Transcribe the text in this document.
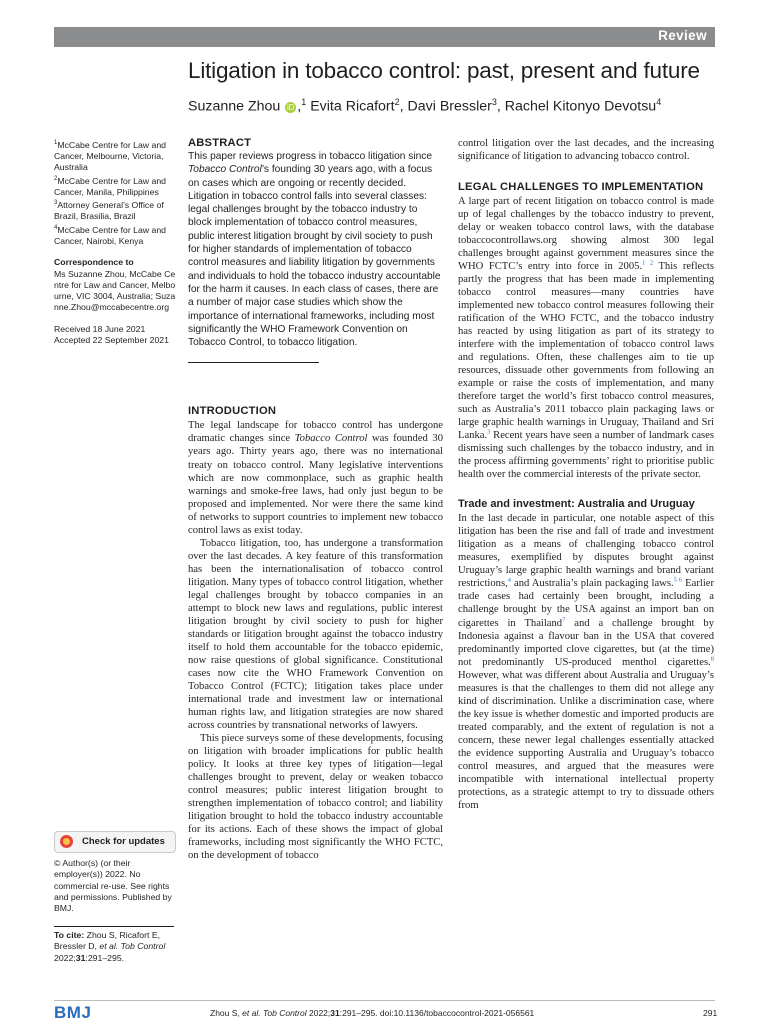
Review
Litigation in tobacco control: past, present and future
Suzanne Zhou iD ,$^1$ Evita Ricafort$^2$, Davi Bressler$^3$, Rachel Kitonyo Devotsu$^4$

$^1$McCabe Centre for Law and Cancer, Melbourne, Victoria, Australia

$^2$McCabe Centre for Law and Cancer, Manila, Philippines

$^3$Attorney General’s Office of Brazil, Brasilia, Brazil

$^4$McCabe Centre for Law and Cancer, Nairobi, Kenya

Correspondence to

Ms Suzanne Zhou, McCabe Centre for Law and Cancer, Melbourne, VIC 3004, Australia; Suzanne.Zhou@mccabecentre.org

Received 18 June 2021

Accepted 22 September 2021

Check for updates
© Author(s) (or their employer(s)) 2022. No commercial re-use. See rights and permissions. Published by BMJ.
To cite: Zhou S, Ricafort E, Bressler D, et al. Tob Control 2022;31:291–295.

ABSTRACT

This paper reviews progress in tobacco litigation since Tobacco Control’s founding 30 years ago, with a focus on cases which are ongoing or recently decided. Litigation in tobacco control falls into several classes: legal challenges brought by the tobacco industry to block implementation of tobacco control measures, public interest litigation brought by civil society to push for higher standards of implementation of tobacco control measures and liability litigation by governments and individuals to hold the tobacco industry accountable for the harm it causes. In each class of cases, there are a number of major case studies which show the importance of international frameworks, including most significantly the WHO Framework Convention on Tobacco Control, to tobacco litigation.

INTRODUCTION

The legal landscape for tobacco control has undergone dramatic changes since Tobacco Control was founded 30 years ago. Thirty years ago, there was no international treaty on tobacco control. Many legislative interventions which are now commonplace, such as graphic health warnings and smoke-free laws, had only just begun to be proposed and implemented. Nor were there the same kind of networks to support countries to implement new tobacco control laws as exist today.

Tobacco litigation, too, has undergone a transformation over the last decades. A key feature of this transformation has been the internationalisation of tobacco control litigation. Many types of tobacco control litigation, whether legal challenges brought by tobacco companies in an attempt to block new laws and regulations, public interest litigation brought by civil society to push for higher standards or litigation brought against the tobacco industry itself to hold them accountable for the tobacco epidemic, now raise questions of global significance. Constitutional cases now cite the WHO Framework Convention on Tobacco Control (FCTC); litigation takes place under international trade and investment law or international human rights law, and litigation strategies are now shared across countries by transnational networks of lawyers.

This piece surveys some of these developments, focusing on litigation with broader implications for public health policy. It looks at three key types of litigation—legal challenges brought to prevent, delay or weaken tobacco control measures; public interest litigation brought to strengthen implementation of tobacco control; and liability litigation brought to hold the tobacco industry accountable for its actions. Each of these shows the impact of global frameworks, including most significantly the WHO FCTC, on the development of tobacco

control litigation over the last decades, and the increasing significance of litigation to advancing tobacco control.

LEGAL CHALLENGES TO IMPLEMENTATION

A large part of recent litigation on tobacco control is made up of legal challenges by the tobacco industry to prevent, delay or weaken tobacco control laws, with the database tobaccocontrollaws.org showing almost 300 legal challenges brought against government measures since the WHO FCTC’s entry into force in 2005.$^{1 2}$ This reflects partly the progress that has been made in implementing tobacco control measures—many countries have implemented new tobacco control measures following their ratification of the WHO FCTC, and the tobacco industry has reacted by using litigation as part of its strategy to interfere with the implementation of tobacco control laws and regulations. Often, these challenges aim to tie up resources, dissuade other governments from following an example or raise the costs of implementation, and many therefore target the world’s first tobacco control measures, such as Australia’s 2011 tobacco plain packaging laws or large graphic health warnings in Uruguay, Thailand and Sri Lanka.$^3$ Recent years have seen a number of landmark cases dismissing such challenges by the tobacco industry, and in the process affirming governments’ right to prioritise public health over the commercial interests of the private sector.

Trade and investment: Australia and Uruguay

In the last decade in particular, one notable aspect of this litigation has been the rise and fall of trade and investment litigation as a means of challenging tobacco control measures, exemplified by disputes brought against Uruguay’s large graphic health warnings and brand variant restrictions,$^4$ and Australia’s plain packaging laws.$^{5 6}$ Earlier trade cases had certainly been brought, including a challenge brought by the USA against an import ban on cigarettes in Thailand$^7$ and a challenge brought by Indonesia against a flavour ban in the USA that covered predominantly imported clove cigarettes, but (at the time) not predominantly US-produced menthol cigarettes.$^8$ However, what was different about Australia and Uruguay’s measures is that the challenges to them did not allege any kind of discrimination. Unlike a discrimination case, where the key issue is whether domestic and imported products are treated comparably, and the extent of regulation is not a concern, these newer legal challenges essentially attacked the evidence supporting Australia and Uruguay’s tobacco control measures, and argued that the measures were incompatible with international intellectual property protections, as a strategic attempt to try to dissuade others from

BMJ	Zhou S, et al. Tob Control 2022;31:291–295. doi:10.1136/tobaccocontrol-2021-056561	291
